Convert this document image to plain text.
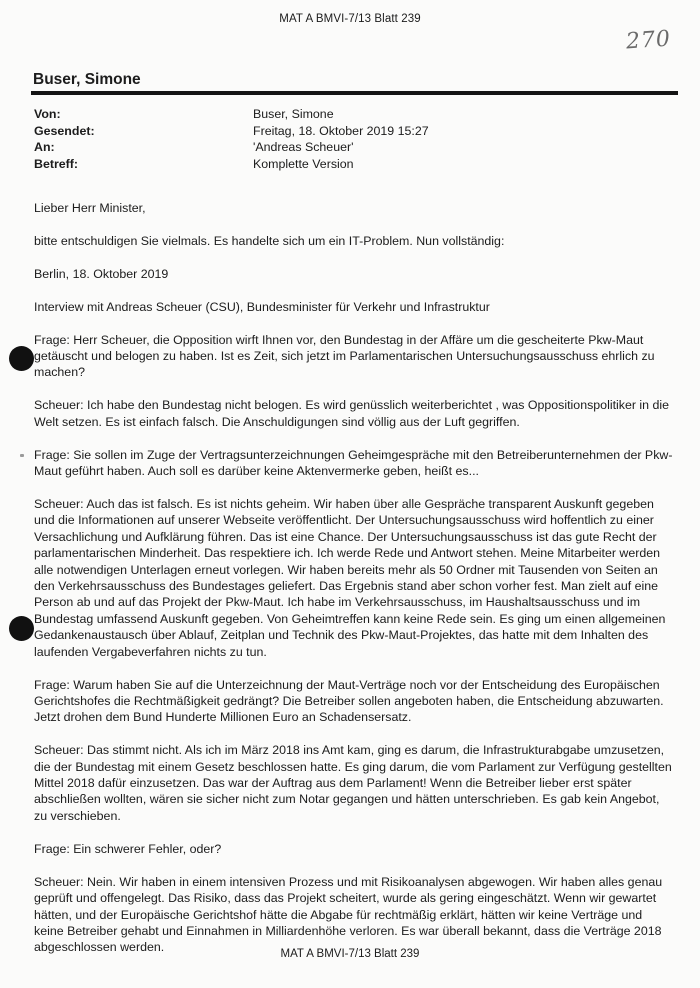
MAT A BMVI-7/13 Blatt 239
270
Buser, Simone
Von:	Buser, Simone
Gesendet:	Freitag, 18. Oktober 2019 15:27
An:	'Andreas Scheuer'
Betreff:	Komplette Version

Lieber Herr Minister,

bitte entschuldigen Sie vielmals. Es handelte sich um ein IT-Problem. Nun vollständig:

Berlin, 18. Oktober 2019

Interview mit Andreas Scheuer (CSU), Bundesminister für Verkehr und Infrastruktur

Frage: Herr Scheuer, die Opposition wirft Ihnen vor, den Bundestag in der Affäre um die gescheiterte Pkw-Maut getäuscht und belogen zu haben. Ist es Zeit, sich jetzt im Parlamentarischen Untersuchungsausschuss ehrlich zu machen?

Scheuer: Ich habe den Bundestag nicht belogen. Es wird genüsslich weiterberichtet , was Oppositionspolitiker in die Welt setzen. Es ist einfach falsch. Die Anschuldigungen sind völlig aus der Luft gegriffen.

Frage: Sie sollen im Zuge der Vertragsunterzeichnungen Geheimgespräche mit den Betreiberunternehmen der Pkw-Maut geführt haben. Auch soll es darüber keine Aktenvermerke geben, heißt es...

Scheuer: Auch das ist falsch. Es ist nichts geheim. Wir haben über alle Gespräche transparent Auskunft gegeben und die Informationen auf unserer Webseite veröffentlicht. Der Untersuchungsausschuss wird hoffentlich zu einer Versachlichung und Aufklärung führen. Das ist eine Chance. Der Untersuchungsausschuss ist das gute Recht der parlamentarischen Minderheit. Das respektiere ich. Ich werde Rede und Antwort stehen. Meine Mitarbeiter werden alle notwendigen Unterlagen erneut vorlegen. Wir haben bereits mehr als 50 Ordner mit Tausenden von Seiten an den Verkehrsausschuss des Bundestages geliefert. Das Ergebnis stand aber schon vorher fest. Man zielt auf eine Person ab und auf das Projekt der Pkw-Maut. Ich habe im Verkehrsausschuss, im Haushaltsausschuss und im Bundestag umfassend Auskunft gegeben. Von Geheimtreffen kann keine Rede sein. Es ging um einen allgemeinen Gedankenaustausch über Ablauf, Zeitplan und Technik des Pkw-Maut-Projektes, das hatte mit dem Inhalten des laufenden Vergabeverfahren nichts zu tun.

Frage: Warum haben Sie auf die Unterzeichnung der Maut-Verträge noch vor der Entscheidung des Europäischen Gerichtshofes die Rechtmäßigkeit gedrängt? Die Betreiber sollen angeboten haben, die Entscheidung abzuwarten. Jetzt drohen dem Bund Hunderte Millionen Euro an Schadensersatz.

Scheuer: Das stimmt nicht. Als ich im März 2018 ins Amt kam, ging es darum, die Infrastrukturabgabe umzusetzen, die der Bundestag mit einem Gesetz beschlossen hatte. Es ging darum, die vom Parlament zur Verfügung gestellten Mittel 2018 dafür einzusetzen. Das war der Auftrag aus dem Parlament! Wenn die Betreiber lieber erst später abschließen wollten, wären sie sicher nicht zum Notar gegangen und hätten unterschrieben. Es gab kein Angebot, zu verschieben.

Frage: Ein schwerer Fehler, oder?

Scheuer: Nein. Wir haben in einem intensiven Prozess und mit Risikoanalysen abgewogen. Wir haben alles genau geprüft und offengelegt. Das Risiko, dass das Projekt scheitert, wurde als gering eingeschätzt. Wenn wir gewartet hätten, und der Europäische Gerichtshof hätte die Abgabe für rechtmäßig erklärt, hätten wir keine Verträge und keine Betreiber gehabt und Einnahmen in Milliardenhöhe verloren. Es war überall bekannt, dass die Verträge 2018 abgeschlossen werden.	MAT A BMVI-7/13 Blatt 239
